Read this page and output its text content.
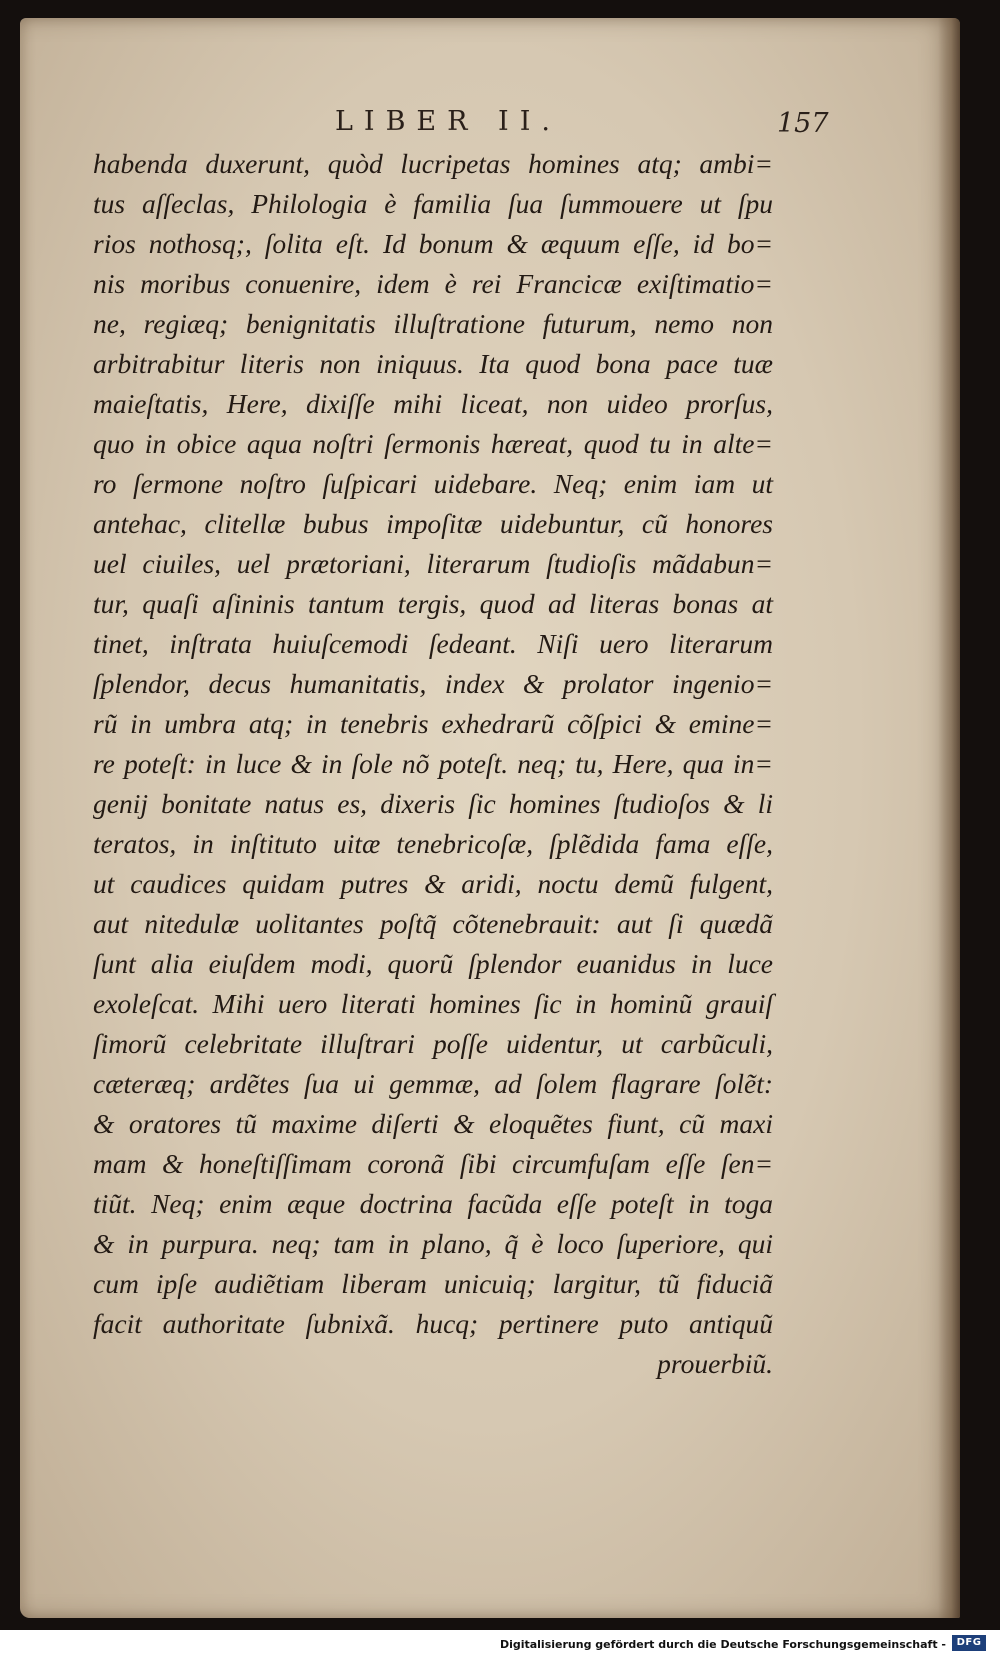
LIBER II.	157
habenda duxerunt, quòd lucripetas homines atq; ambi=
tus aſſeclas, Philologia è familia ſua ſummouere ut ſpu
rios nothosq;, ſolita eſt. Id bonum & æquum eſſe, id bo=
nis moribus conuenire, idem è rei Franciсæ exiſtimatio=
ne, regiæq; benignitatis illuſtratione futurum, nemo non
arbitrabitur literis non iniquus. Ita quod bona pace tuæ
maieſtatis, Here, dixiſſe mihi liceat, non uideo prorſus,
quo in obice aqua noſtri ſermonis hæreat, quod tu in alte=
ro ſermone noſtro ſuſpicari uidebare. Neq; enim iam ut
antehac, clitellæ bubus impoſitæ uidebuntur, cũ honores
uel ciuiles, uel prætoriani, literarum ſtudioſis mãdabun=
tur, quaſi aſininis tantum tergis, quod ad literas bonas at
tinet, inſtrata huiuſcemodi ſedeant. Niſi uero literarum
ſplendor, decus humanitatis, index & prolator ingenio=
rũ in umbra atq; in tenebris exhedrarũ cõſpici & emine=
re poteſt: in luce & in ſole nõ poteſt. neq; tu, Here, qua in=
genij bonitate natus es, dixeris ſic homines ſtudioſos & li
teratos, in inſtituto uitæ tenebricoſæ, ſplẽdida fama eſſe,
ut caudices quidam putres & aridi, noctu demũ fulgent,
aut nitedulæ uolitantes poſtq̃ cõtenebrauit: aut ſi quædã
ſunt alia eiuſdem modi, quorũ ſplendor euanidus in luce
exoleſcat. Mihi uero literati homines ſic in hominũ grauiſ
ſimorũ celebritate illuſtrari poſſe uidentur, ut carbũculi,
cæteræq; ardẽtes ſua ui gemmæ, ad ſolem flagrare ſolẽt:
& oratores tũ maxime diſerti & eloquẽtes fiunt, cũ maxi
mam & honeſtiſſimam coronã ſibi circumfuſam eſſe ſen=
tiũt. Neq; enim æque doctrina facũda eſſe poteſt in toga
& in purpura. neq; tam in plano, q̃ è loco ſuperiore, qui
cum ipſe audiẽtiam liberam unicuiq; largitur, tũ fiduciã
facit authoritate ſubnixã. hucq; pertinere puto antiquũ
prouerbiũ.
Digitalisierung gefördert durch die Deutsche Forschungsgemeinschaft -	DFG
